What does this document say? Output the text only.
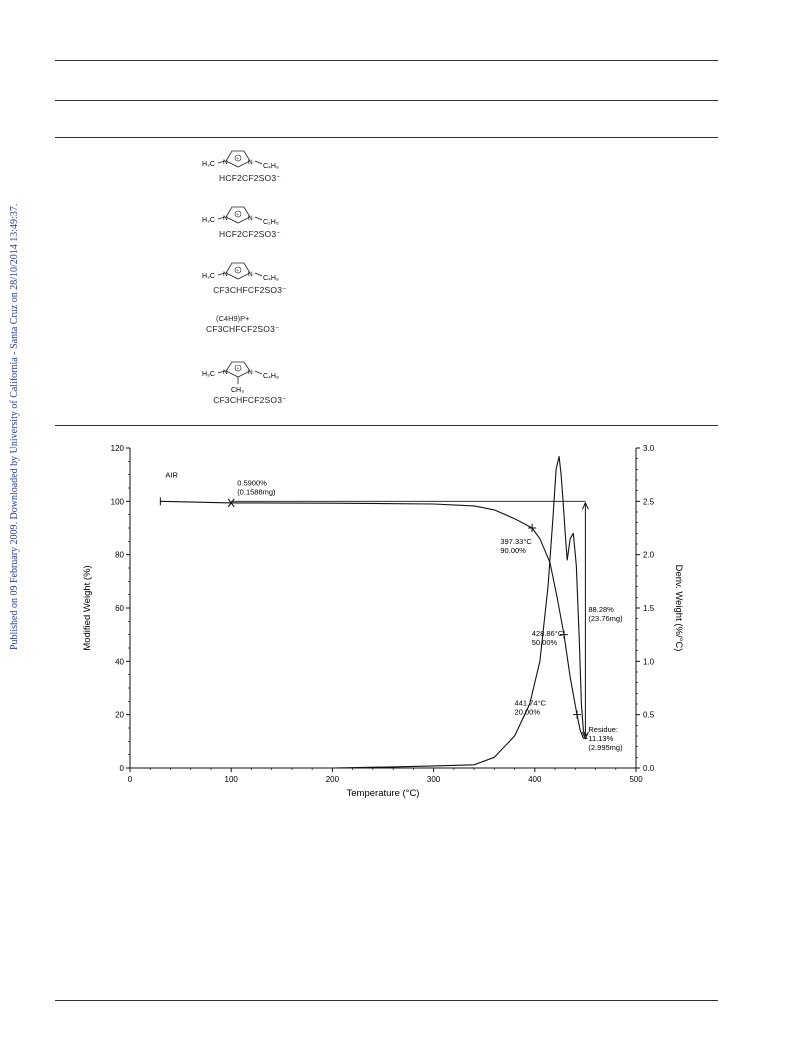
Published on 09 February 2009. Downloaded by University of California - Santa Cruz on 28/10/2014 13:49:37.
H₃C
+
N	N
C₄H₉
HCF2CF2SO3⁻
H₃C
+
N	N
C₂H₅
HCF2CF2SO3⁻
H₃C
+
N	N
C₄H₉
CF3CHFCF2SO3⁻
(C4H9)P+
CF3CHFCF2SO3⁻
H₃C
+
N	N
C₄H₉
CH₃
CF3CHFCF2SO3⁻
0	100	200	300	400	500
0
20
40
60
80
100
120
0.0
0.5
1.0
1.5
2.0
2.5
3.0
AIR
0.5900% (0.1588mg)
397.33°C 90.00%
428.86°C 50.00%
441.74°C 20.00%
88.28% (23.76mg)
Residue: 11.13% (2.995mg)
Temperature (°C)
Modified Weight (%)	Deriv. Weight (%/°C)
